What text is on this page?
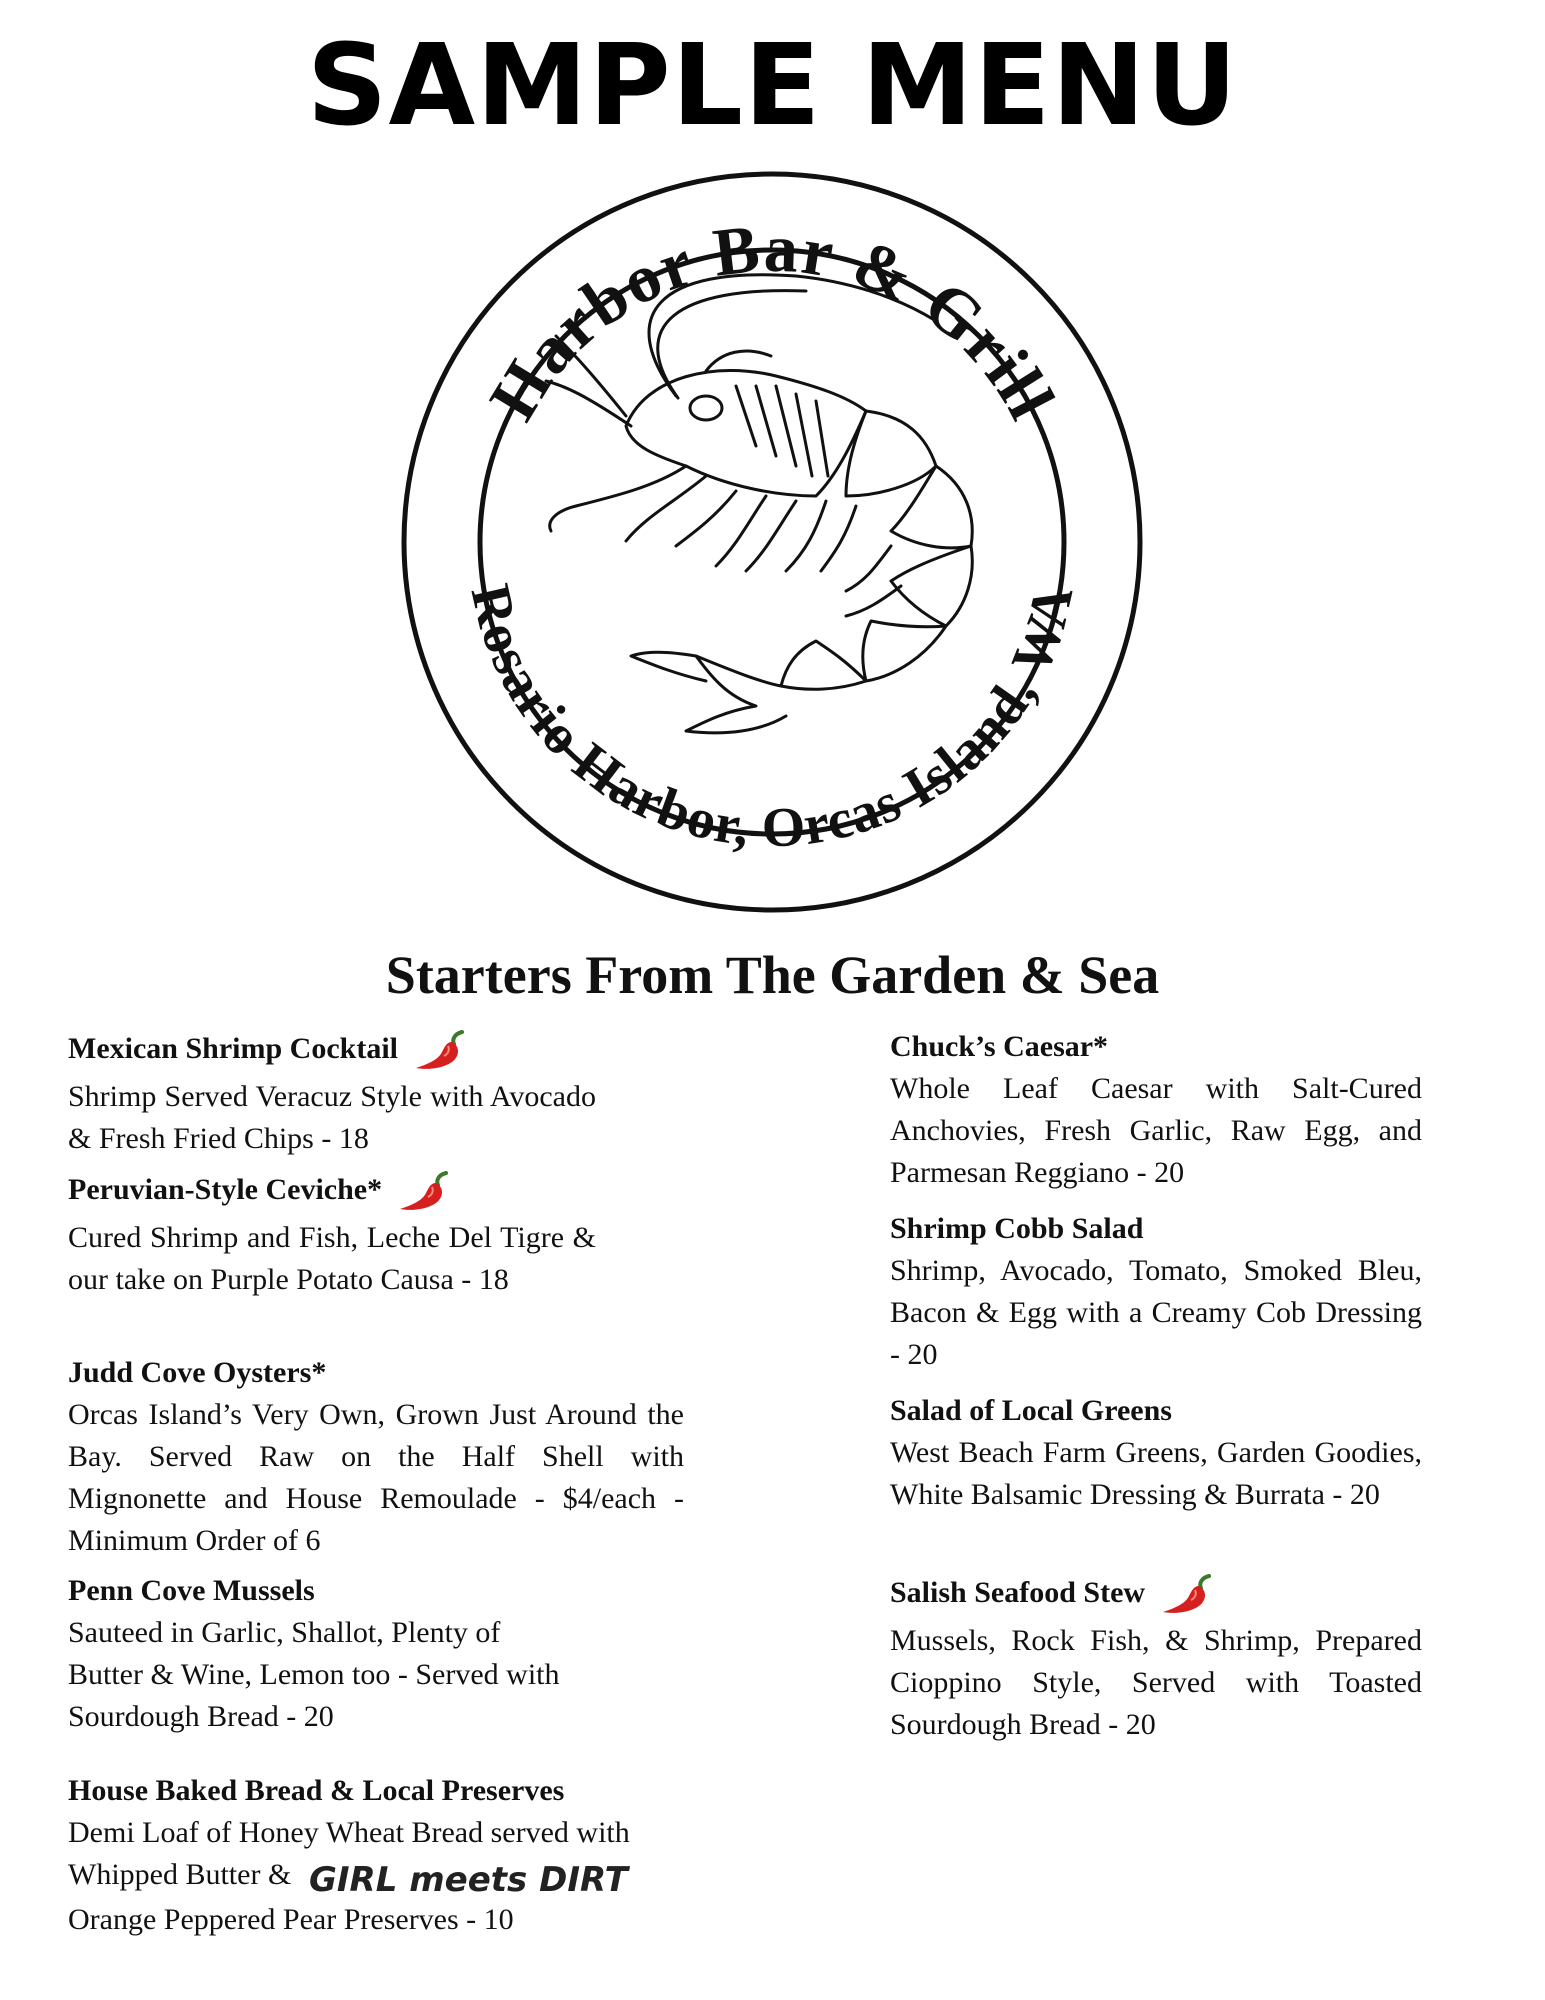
SAMPLE MENU
Harbor Bar & Grill
Rosario Harbor, Orcas Island, WA
Starters From The Garden & Sea
Mexican Shrimp Cocktail
Shrimp Served Veracuz Style with Avocado & Fresh Fried Chips - 18
Peruvian-Style Ceviche*
Cured Shrimp and Fish, Leche Del Tigre & our take on Purple Potato Causa - 18
Judd Cove Oysters*
Orcas Island’s Very Own, Grown Just Around the Bay. Served Raw on the Half Shell with Mignonette and House Remoulade - $4/each - Minimum Order of 6
Penn Cove Mussels
Sauteed in Garlic, Shallot, Plenty of Butter & Wine, Lemon too - Served with Sourdough Bread - 20
House Baked Bread & Local Preserves
Demi Loaf of Honey Wheat Bread served with Whipped Butter & GIRL meets DIRT

Orange Peppered Pear Preserves - 10
Chuck’s Caesar*
Whole Leaf Caesar with Salt-Cured Anchovies, Fresh Garlic, Raw Egg, and Parmesan Reggiano - 20
Shrimp Cobb Salad
Shrimp, Avocado, Tomato, Smoked Bleu, Bacon & Egg with a Creamy Cob Dressing - 20
Salad of Local Greens
West Beach Farm Greens, Garden Goodies, White Balsamic Dressing & Burrata - 20
Salish Seafood Stew
Mussels, Rock Fish, & Shrimp, Prepared Cioppino Style, Served with Toasted Sourdough Bread - 20
